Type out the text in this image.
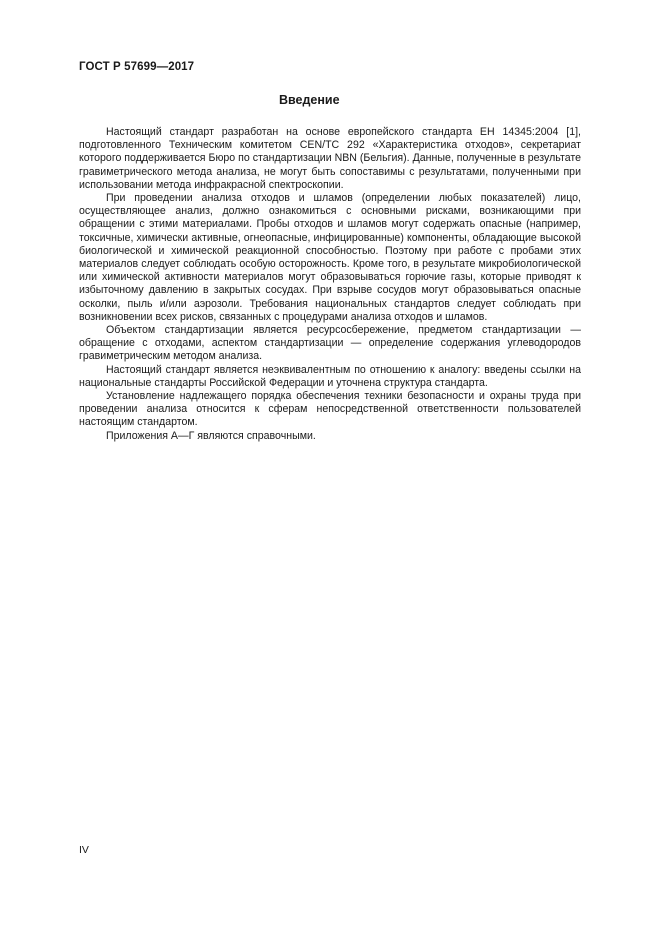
ГОСТ Р 57699—2017
Введение

Настоящий стандарт разработан на основе европейского стандарта ЕН 14345:2004 [1], подготовленного Техническим комитетом CEN/TC 292 «Характеристика отходов», секретариат которого поддерживается Бюро по стандартизации NBN (Бельгия). Данные, полученные в результате гравиметрического метода анализа, не могут быть сопоставимы с результатами, полученными при использовании метода инфракрасной спектроскопии.

При проведении анализа отходов и шламов (определении любых показателей) лицо, осуществляющее анализ, должно ознакомиться с основными рисками, возникающими при обращении с этими материалами. Пробы отходов и шламов могут содержать опасные (например, токсичные, химически активные, огнеопасные, инфицированные) компоненты, обладающие высокой биологической и химической реакционной способностью. Поэтому при работе с пробами этих материалов следует соблюдать особую осторожность. Кроме того, в результате микробиологической или химической активности материалов могут образовываться горючие газы, которые приводят к избыточному давлению в закрытых сосудах. При взрыве сосудов могут образовываться опасные осколки, пыль и/или аэрозоли. Требования национальных стандартов следует соблюдать при возникновении всех рисков, связанных с процедурами анализа отходов и шламов.

Объектом стандартизации является ресурсосбережение, предметом стандартизации — обращение с отходами, аспектом стандартизации — определение содержания углеводородов гравиметрическим методом анализа.

Настоящий стандарт является неэквивалентным по отношению к аналогу: введены ссылки на национальные стандарты Российской Федерации и уточнена структура стандарта.

Установление надлежащего порядка обеспечения техники безопасности и охраны труда при проведении анализа относится к сферам непосредственной ответственности пользователей настоящим стандартом.

Приложения А—Г являются справочными.

IV
